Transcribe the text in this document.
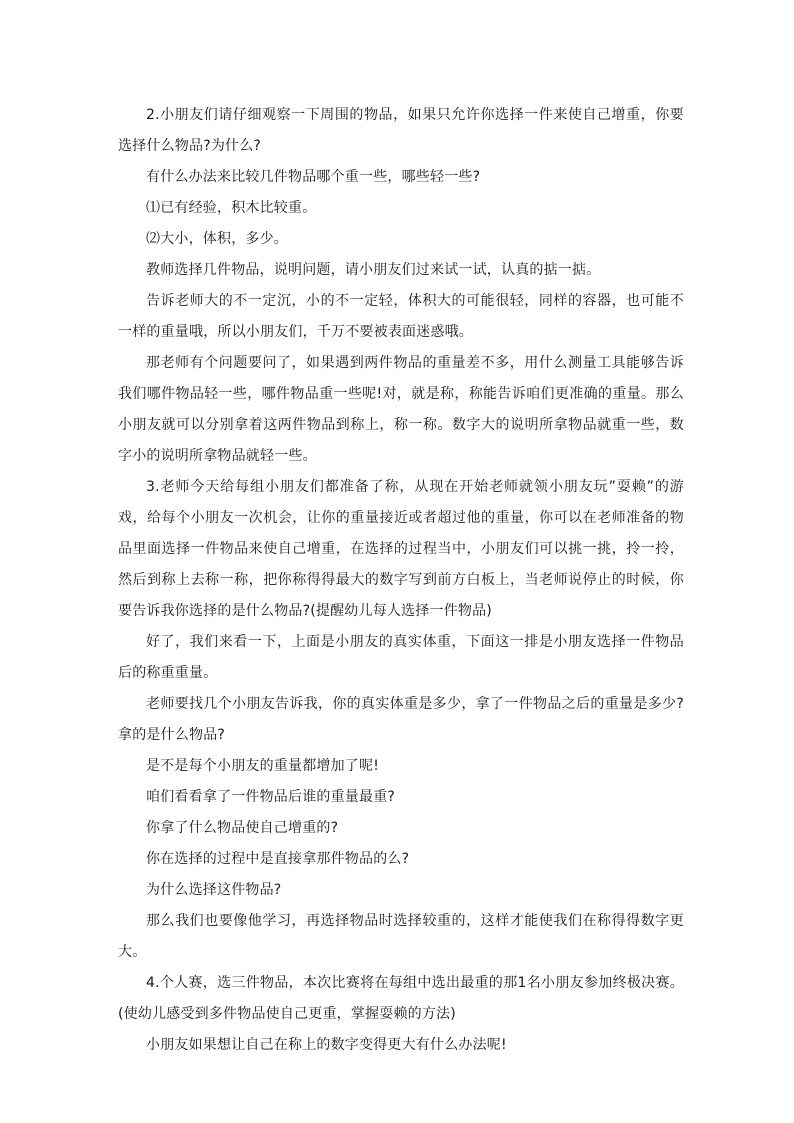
2.小朋友们请仔细观察一下周围的物品，如果只允许你选择一件来使自己增重，你要选择什么物品?为什么?

有什么办法来比较几件物品哪个重一些，哪些轻一些?

⑴已有经验，积木比较重。

⑵大小，体积，多少。

教师选择几件物品，说明问题，请小朋友们过来试一试，认真的掂一掂。

告诉老师大的不一定沉，小的不一定轻，体积大的可能很轻，同样的容器，也可能不一样的重量哦，所以小朋友们，千万不要被表面迷惑哦。

那老师有个问题要问了，如果遇到两件物品的重量差不多，用什么测量工具能够告诉我们哪件物品轻一些，哪件物品重一些呢!对，就是称，称能告诉咱们更准确的重量。那么小朋友就可以分别拿着这两件物品到称上，称一称。数字大的说明所拿物品就重一些，数字小的说明所拿物品就轻一些。

3.老师今天给每组小朋友们都准备了称，从现在开始老师就领小朋友玩”耍赖”的游戏，给每个小朋友一次机会，让你的重量接近或者超过他的重量，你可以在老师准备的物品里面选择一件物品来使自己增重，在选择的过程当中，小朋友们可以挑一挑，拎一拎，然后到称上去称一称，把你称得得最大的数字写到前方白板上，当老师说停止的时候，你要告诉我你选择的是什么物品?(提醒幼儿每人选择一件物品)

好了，我们来看一下，上面是小朋友的真实体重，下面这一排是小朋友选择一件物品后的称重重量。

老师要找几个小朋友告诉我，你的真实体重是多少，拿了一件物品之后的重量是多少?拿的是什么物品?

是不是每个小朋友的重量都增加了呢!

咱们看看拿了一件物品后谁的重量最重?

你拿了什么物品使自己增重的?

你在选择的过程中是直接拿那件物品的么?

为什么选择这件物品?

那么我们也要像他学习，再选择物品时选择较重的，这样才能使我们在称得得数字更大。

4.个人赛，选三件物品，本次比赛将在每组中选出最重的那1名小朋友参加终极决赛。(使幼儿感受到多件物品使自己更重，掌握耍赖的方法)

小朋友如果想让自己在称上的数字变得更大有什么办法呢!
